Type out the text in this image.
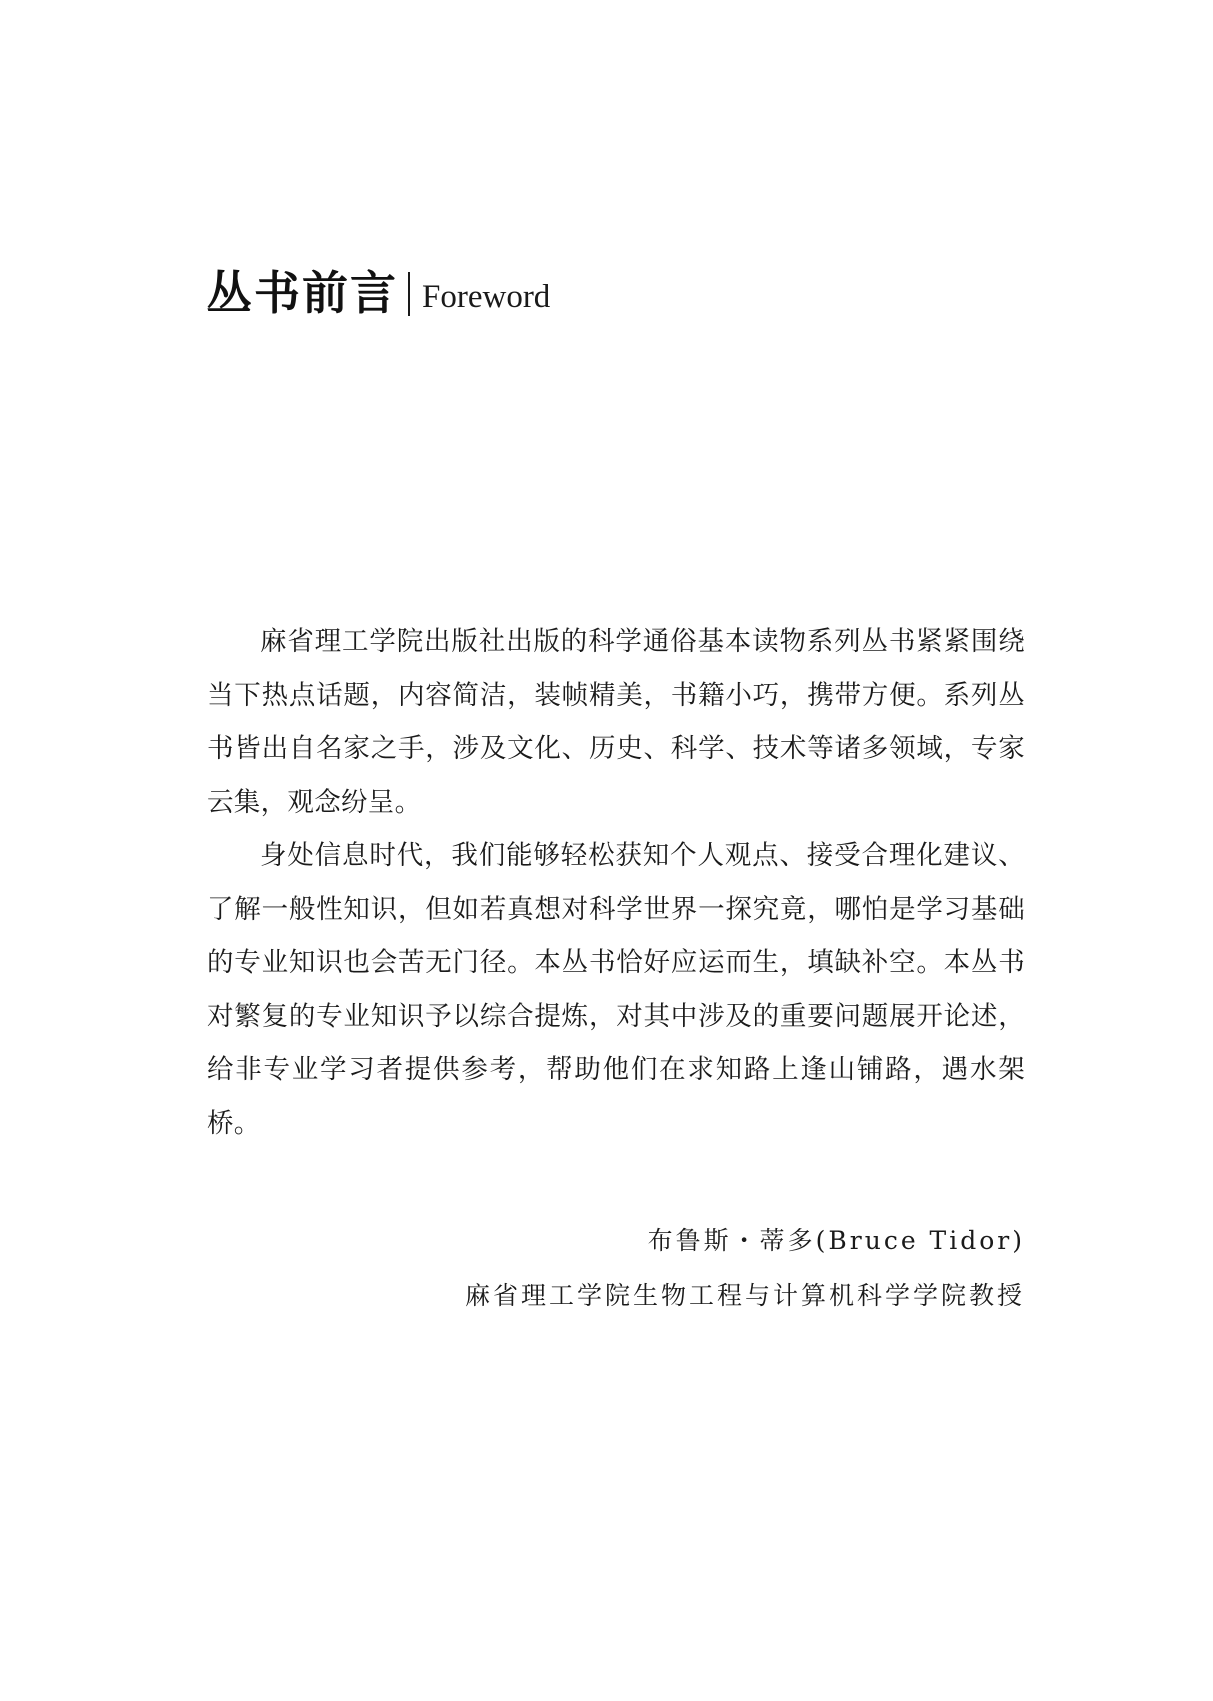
丛书前言 Foreword

麻省理工学院出版社出版的科学通俗基本读物系列丛书紧紧围绕当下热点话题，内容简洁，装帧精美，书籍小巧，携带方便。系列丛书皆出自名家之手，涉及文化、历史、科学、技术等诸多领域，专家云集，观念纷呈。

身处信息时代，我们能够轻松获知个人观点、接受合理化建议、了解一般性知识，但如若真想对科学世界一探究竟，哪怕是学习基础的专业知识也会苦无门径。本丛书恰好应运而生，填缺补空。本丛书对繁复的专业知识予以综合提炼，对其中涉及的重要问题展开论述，给非专业学习者提供参考，帮助他们在求知路上逢山铺路，遇水架桥。

布鲁斯・蒂多(Bruce Tidor)
麻省理工学院生物工程与计算机科学学院教授
